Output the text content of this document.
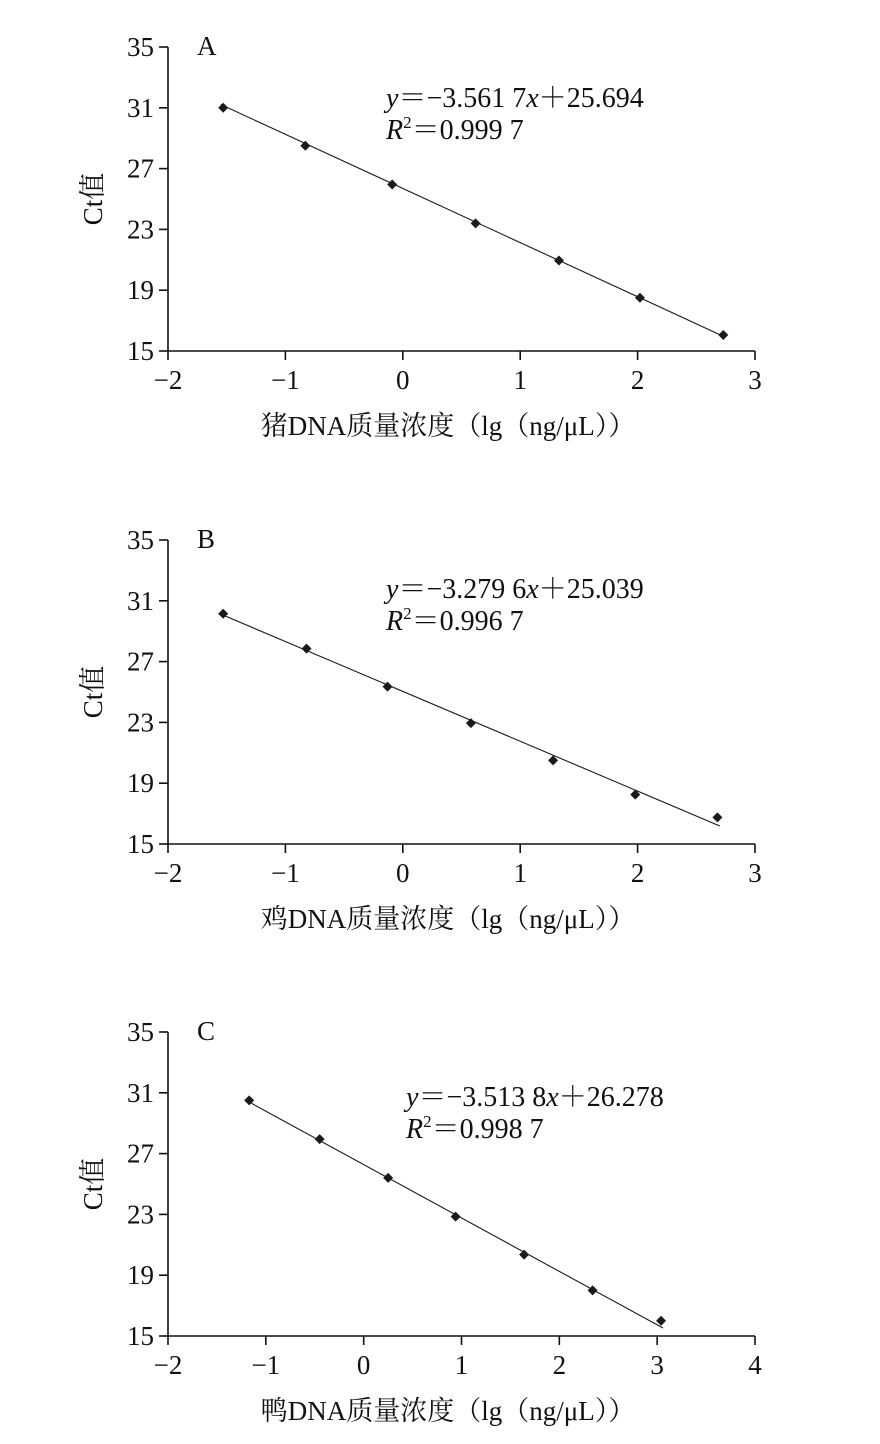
15
19
23
27
31
35
−2	−1	0	1	2	3
A
Ct值
猪DNA质量浓度（lg（ng/μL））
y＝−3.561 7x＋25.694
$R^2=0.999$ 7
15
19
23
27
31
35
−2	−1	0	1	2	3
B
Ct值
鸡DNA质量浓度（lg（ng/μL））
y＝−3.279 6x＋25.039
$R^2=0.996$ 7
15
19
23
27
31
35
−2	−1	0	1	2	3	4
C
Ct值
鸭DNA质量浓度（lg（ng/μL））
y＝−3.513 8x＋26.278
$R^2=0.998$ 7
